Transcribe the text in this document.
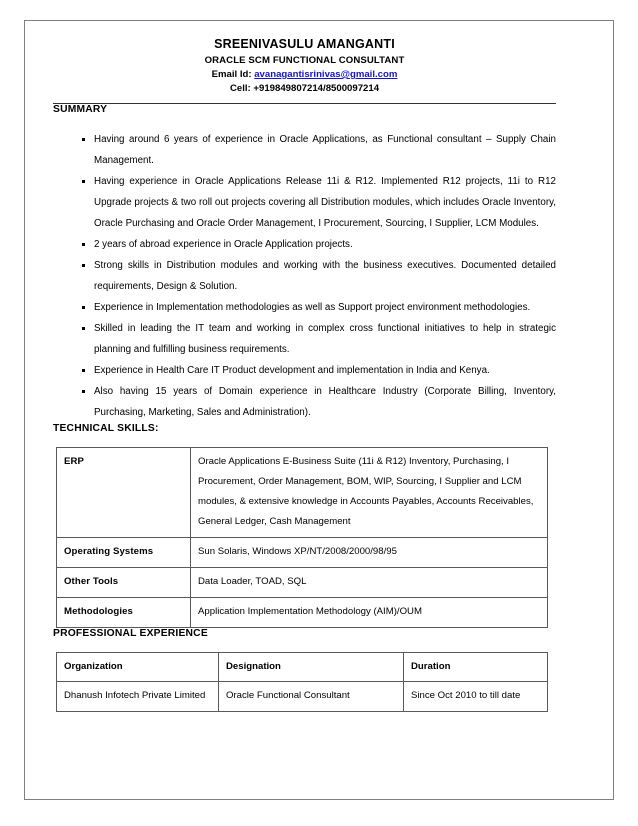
SREENIVASULU AMANGANTI
ORACLE SCM FUNCTIONAL CONSULTANT
Email Id: avanagantisrinivas@gmail.com
Cell: +919849807214/8500097214
SUMMARY
Having around 6 years of experience in Oracle Applications, as Functional consultant – Supply Chain Management.
Having experience in Oracle Applications Release 11i & R12. Implemented R12 projects, 11i to R12 Upgrade projects & two roll out projects covering all Distribution modules, which includes Oracle Inventory, Oracle Purchasing and Oracle Order Management, I Procurement, Sourcing, I Supplier, LCM Modules.
2 years of abroad experience in Oracle Application projects.
Strong skills in Distribution modules and working with the business executives. Documented detailed requirements, Design & Solution.
Experience in Implementation methodologies as well as Support project environment methodologies.
Skilled in leading the IT team and working in complex cross functional initiatives to help in strategic planning and fulfilling business requirements.
Experience in Health Care IT Product development and implementation in India and Kenya.
Also having 15 years of Domain experience in Healthcare Industry (Corporate Billing, Inventory, Purchasing, Marketing, Sales and Administration).
TECHNICAL SKILLS:
ERP	Oracle Applications E-Business Suite (11i & R12) Inventory, Purchasing, I Procurement, Order Management, BOM, WIP, Sourcing, I Supplier and LCM modules, & extensive knowledge in Accounts Payables, Accounts Receivables, General Ledger, Cash Management
Operating Systems	Sun Solaris, Windows XP/NT/2008/2000/98/95
Other Tools	Data Loader, TOAD, SQL
Methodologies	Application Implementation Methodology (AIM)/OUM
PROFESSIONAL EXPERIENCE
Organization	Designation	Duration
Dhanush Infotech Private Limited	Oracle Functional Consultant	Since Oct 2010 to till date
